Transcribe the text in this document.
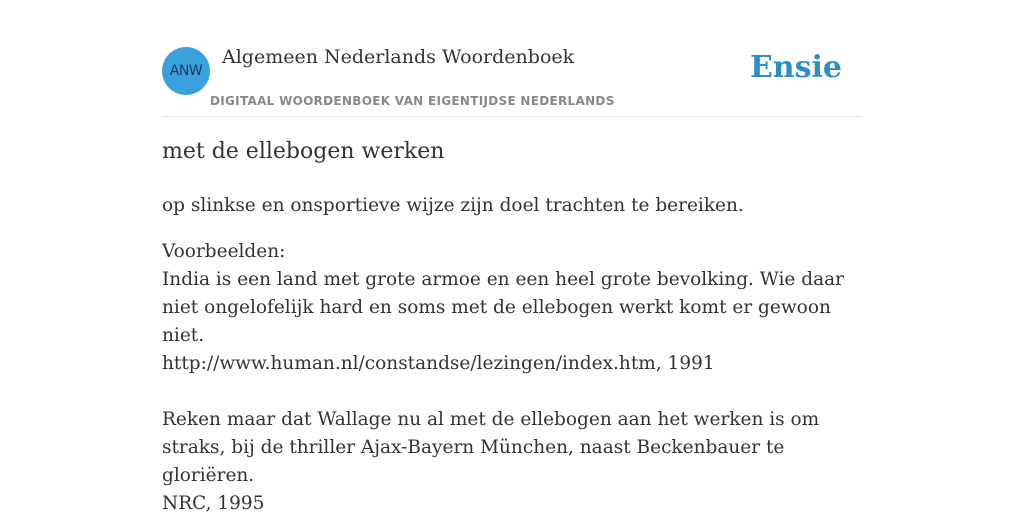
ANW
Algemeen Nederlands Woordenboek
DIGITAAL WOORDENBOEK VAN EIGENTIJDSE NEDERLANDS
Ensie
met de ellebogen werken

op slinkse en onsportieve wijze zijn doel trachten te bereiken.

Voorbeelden:

India is een land met grote armoe en een heel grote bevolking. Wie daar niet ongelofelijk hard en soms met de ellebogen werkt komt er gewoon niet.
http://www.human.nl/constandse/lezingen/index.htm, 1991
Reken maar dat Wallage nu al met de ellebogen aan het werken is om straks, bij de thriller Ajax-Bayern München, naast Beckenbauer te gloriëren.
NRC, 1995
